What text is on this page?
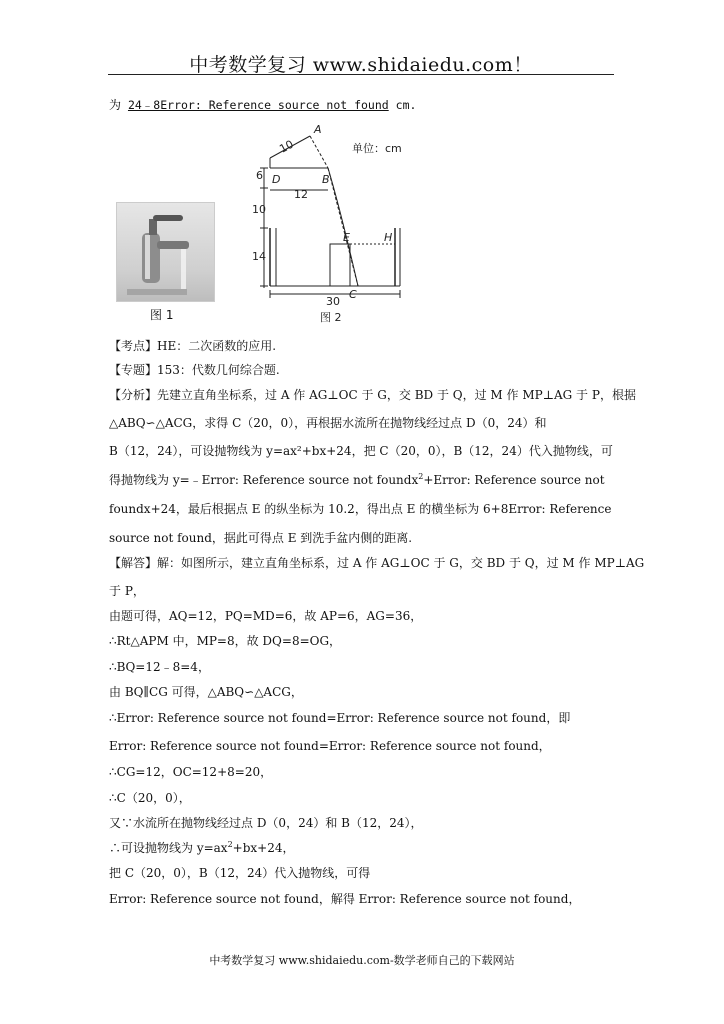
中考数学复习 www.shidaiedu.com！
为 24﹣8Error: Reference source not found cm.
图 1
A
D	B
E	H
C
单位：cm
10
6
12
10
14
30
图 2
【考点】HE：二次函数的应用.
【专题】153：代数几何综合题.
【分析】先建立直角坐标系，过 A 作 AG⊥OC 于 G，交 BD 于 Q，过 M 作 MP⊥AG 于 P，根据
△ABQ∽△ACG，求得 C（20，0），再根据水流所在抛物线经过点 D（0，24）和
B（12，24），可设抛物线为 y=ax²+bx+24，把 C（20，0），B（12，24）代入抛物线，可
得抛物线为 y=﹣Error: Reference source not foundx$^2$+Error: Reference source not
foundx+24，最后根据点 E 的纵坐标为 10.2，得出点 E 的横坐标为 6+8Error: Reference
source not found，据此可得点 E 到洗手盆内侧的距离.
【解答】解：如图所示，建立直角坐标系，过 A 作 AG⊥OC 于 G，交 BD 于 Q，过 M 作 MP⊥AG
于 P，
由题可得，AQ=12，PQ=MD=6，故 AP=6，AG=36，
∴Rt△APM 中，MP=8，故 DQ=8=OG，
∴BQ=12﹣8=4，
由 BQ∥CG 可得，△ABQ∽△ACG，
∴Error: Reference source not found=Error: Reference source not found，即
Error: Reference source not found=Error: Reference source not found，
∴CG=12，OC=12+8=20，
∴C（20，0），
又∵水流所在抛物线经过点 D（0，24）和 B（12，24），
∴可设抛物线为 $y=ax^2+bx+24$，
把 C（20，0），B（12，24）代入抛物线，可得
Error: Reference source not found，解得 Error: Reference source not found，
中考数学复习 www.shidaiedu.com-数学老师自己的下载网站
